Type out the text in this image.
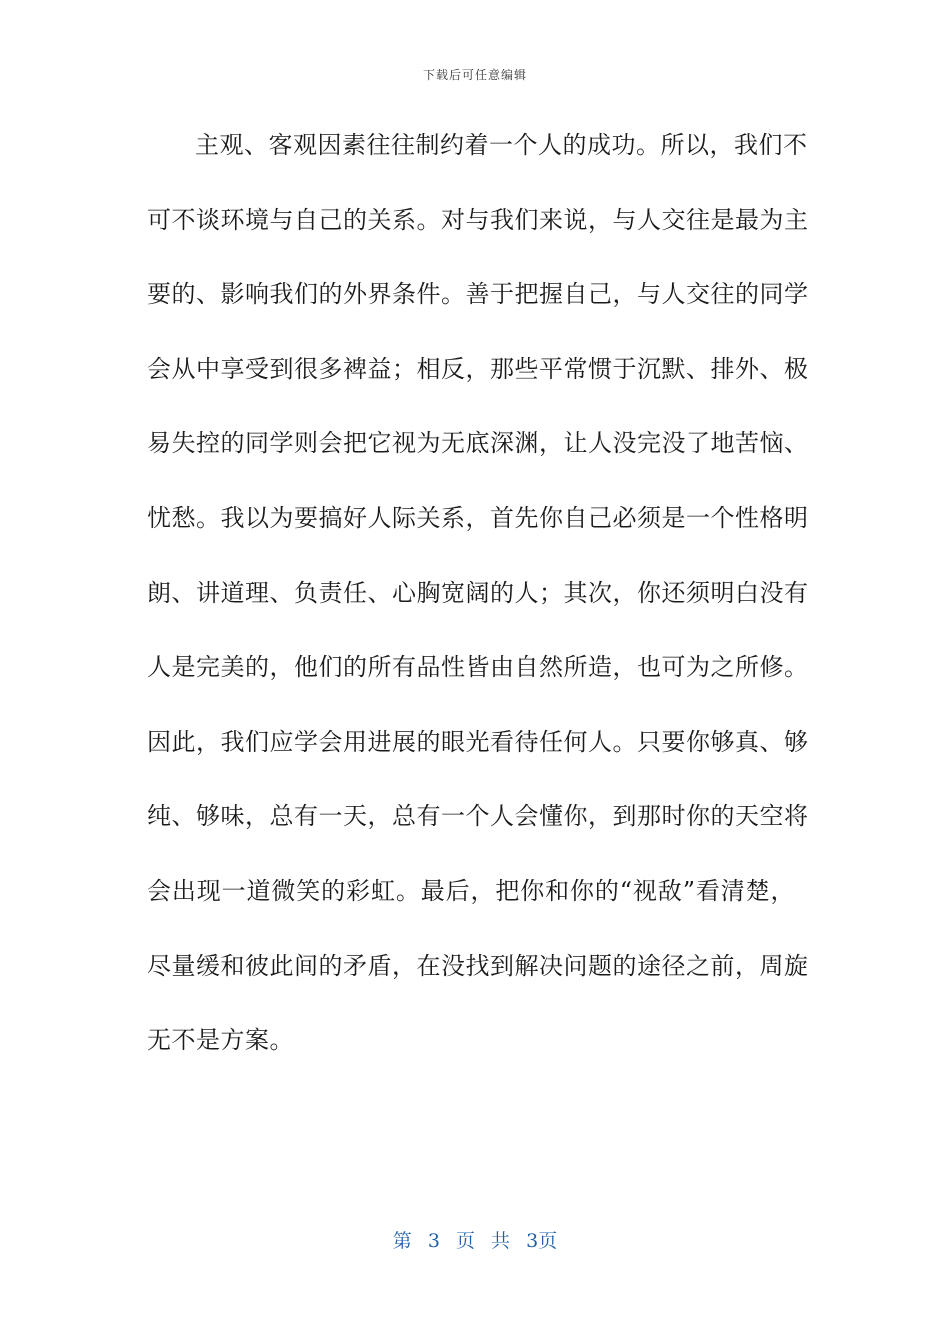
下载后可任意编辑
主观、客观因素往往制约着一个人的成功。所以，我们不
可不谈环境与自己的关系。对与我们来说，与人交往是最为主
要的、影响我们的外界条件。善于把握自己，与人交往的同学
会从中享受到很多裨益；相反，那些平常惯于沉默、排外、极
易失控的同学则会把它视为无底深渊，让人没完没了地苦恼、
忧愁。我以为要搞好人际关系，首先你自己必须是一个性格明
朗、讲道理、负责任、心胸宽阔的人；其次，你还须明白没有
人是完美的，他们的所有品性皆由自然所造，也可为之所修。
因此，我们应学会用进展的眼光看待任何人。只要你够真、够
纯、够味，总有一天，总有一个人会懂你，到那时你的天空将
会出现一道微笑的彩虹。最后，把你和你的“视敌”看清楚，
尽量缓和彼此间的矛盾，在没找到解决问题的途径之前，周旋
无不是方案。
第 3 页 共 3页
